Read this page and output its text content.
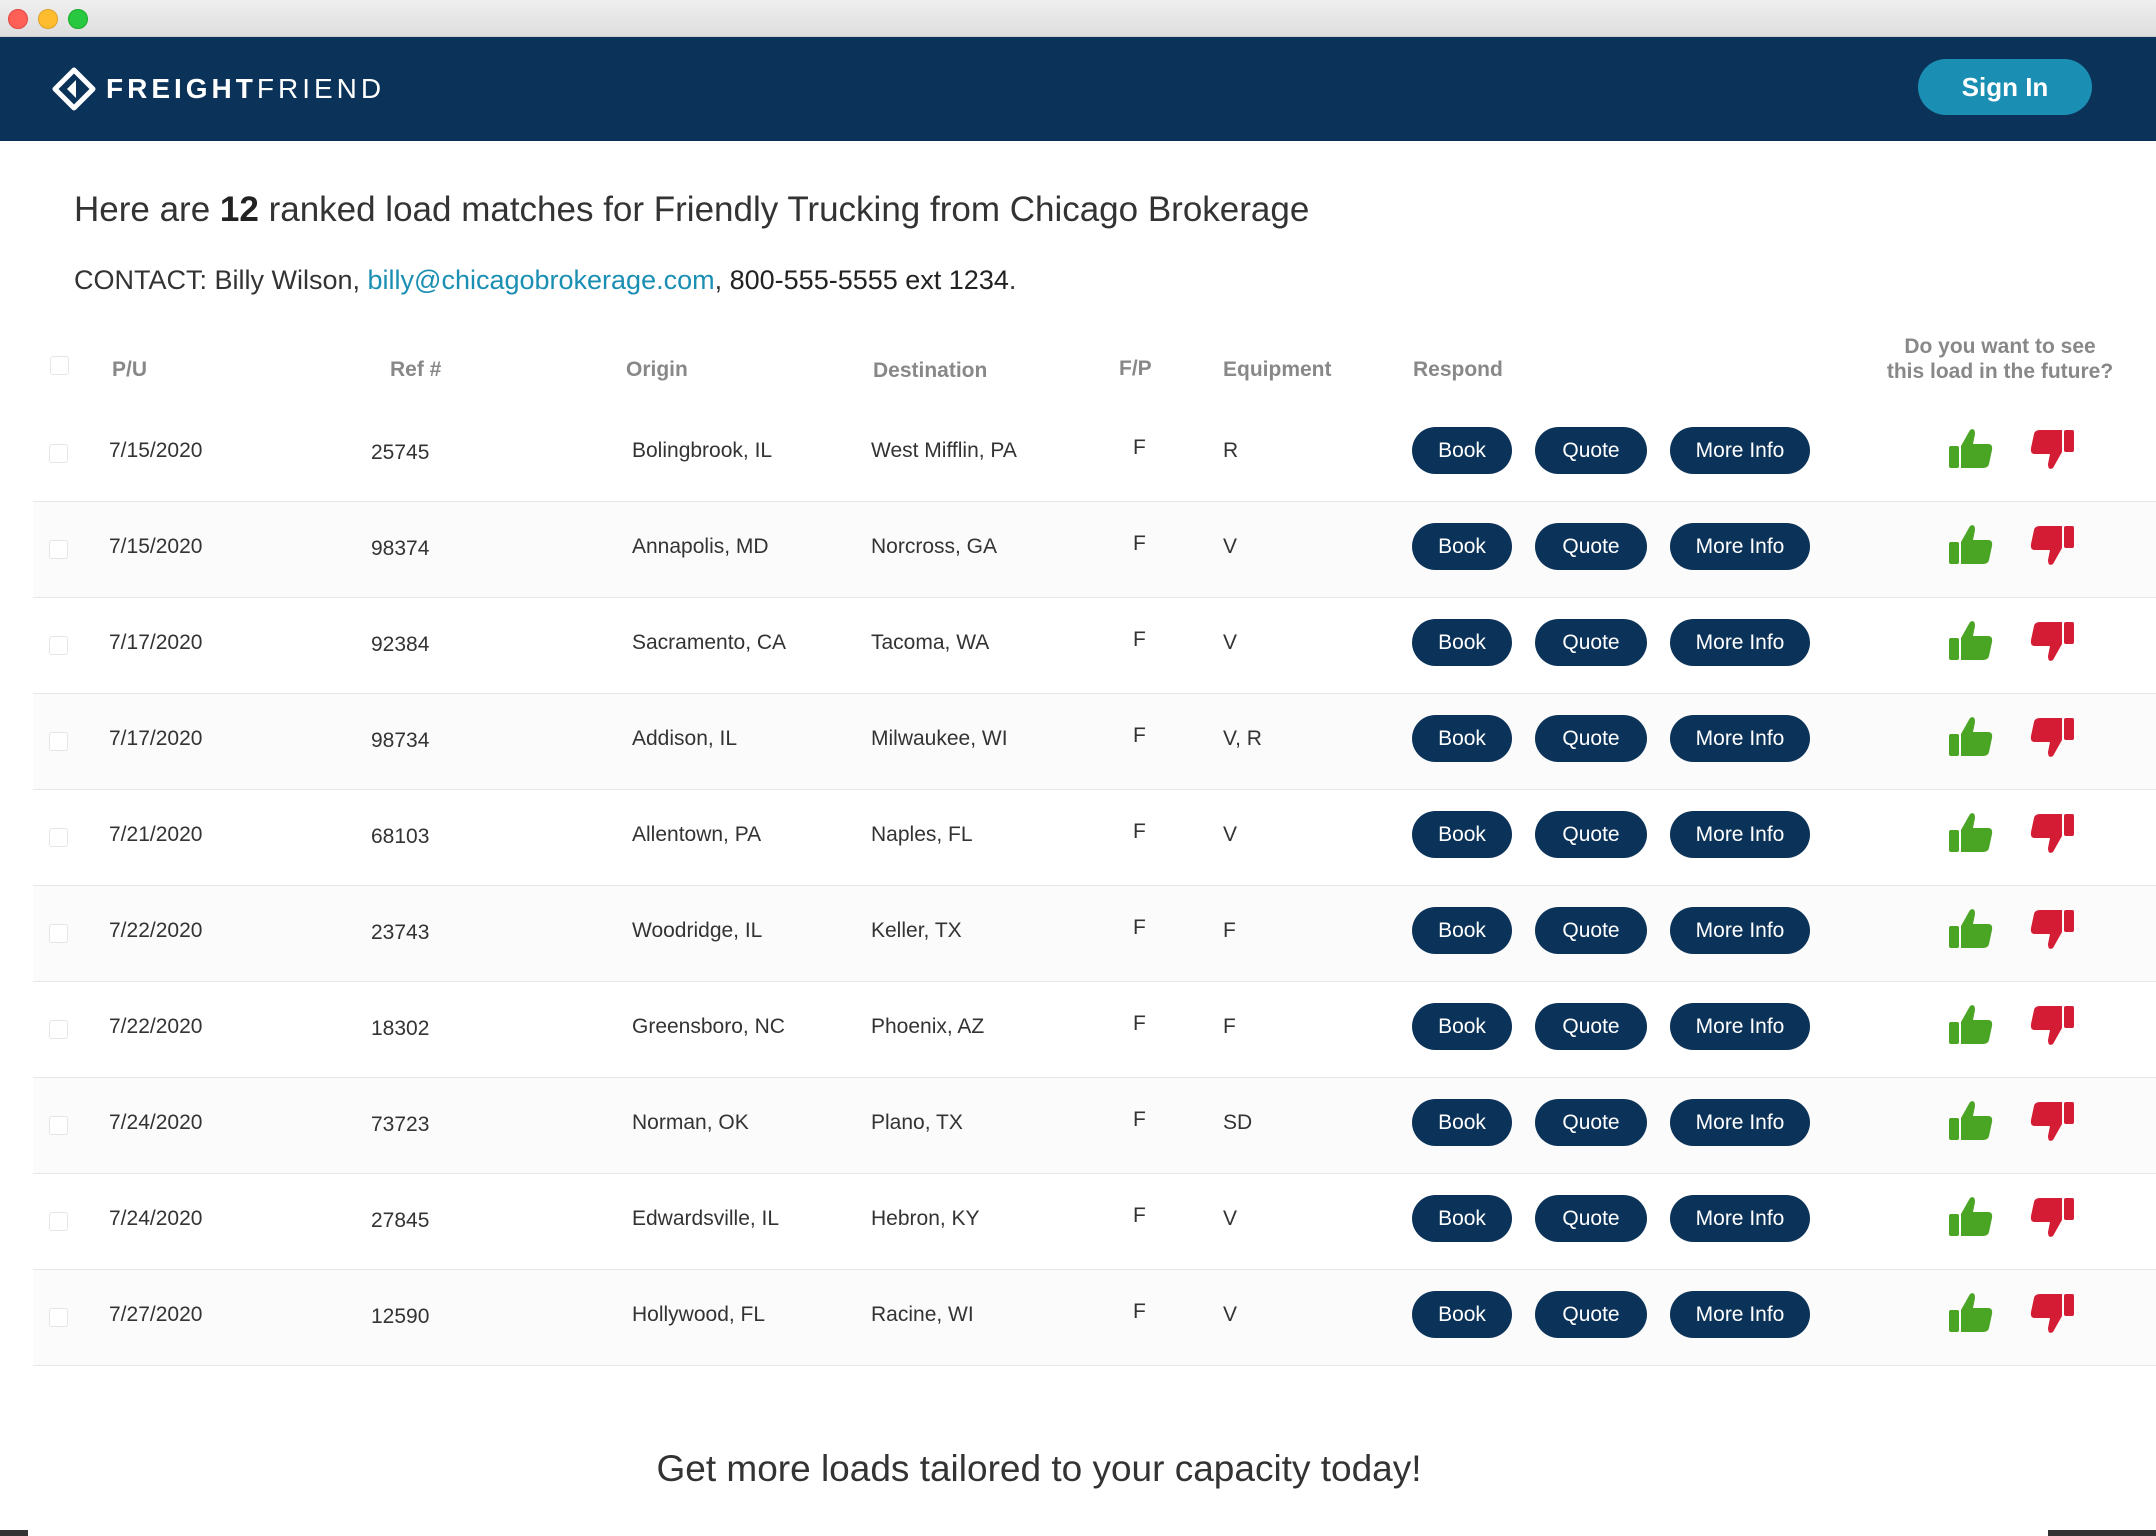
FREIGHTFRIEND	Sign In
Here are 12 ranked load matches for Friendly Trucking from Chicago Brokerage
CONTACT: Billy Wilson, billy@chicagobrokerage.com, 800-555-5555 ext 1234.
P/U	Ref #	Origin	Destination	F/P	Equipment	Respond
Do you want to see
this load in the future?
7/15/2020	25745	Bolingbrook, IL	West Mifflin, PA	F	R	Book	Quote	More Info
7/15/2020	98374	Annapolis, MD	Norcross, GA	F	V	Book	Quote	More Info
7/17/2020	92384	Sacramento, CA	Tacoma, WA	F	V	Book	Quote	More Info
7/17/2020	98734	Addison, IL	Milwaukee, WI	F	V, R	Book	Quote	More Info
7/21/2020	68103	Allentown, PA	Naples, FL	F	V	Book	Quote	More Info
7/22/2020	23743	Woodridge, IL	Keller, TX	F	F	Book	Quote	More Info
7/22/2020	18302	Greensboro, NC	Phoenix, AZ	F	F	Book	Quote	More Info
7/24/2020	73723	Norman, OK	Plano, TX	F	SD	Book	Quote	More Info
7/24/2020	27845	Edwardsville, IL	Hebron, KY	F	V	Book	Quote	More Info
7/27/2020	12590	Hollywood, FL	Racine, WI	F	V	Book	Quote	More Info
Get more loads tailored to your capacity today!
